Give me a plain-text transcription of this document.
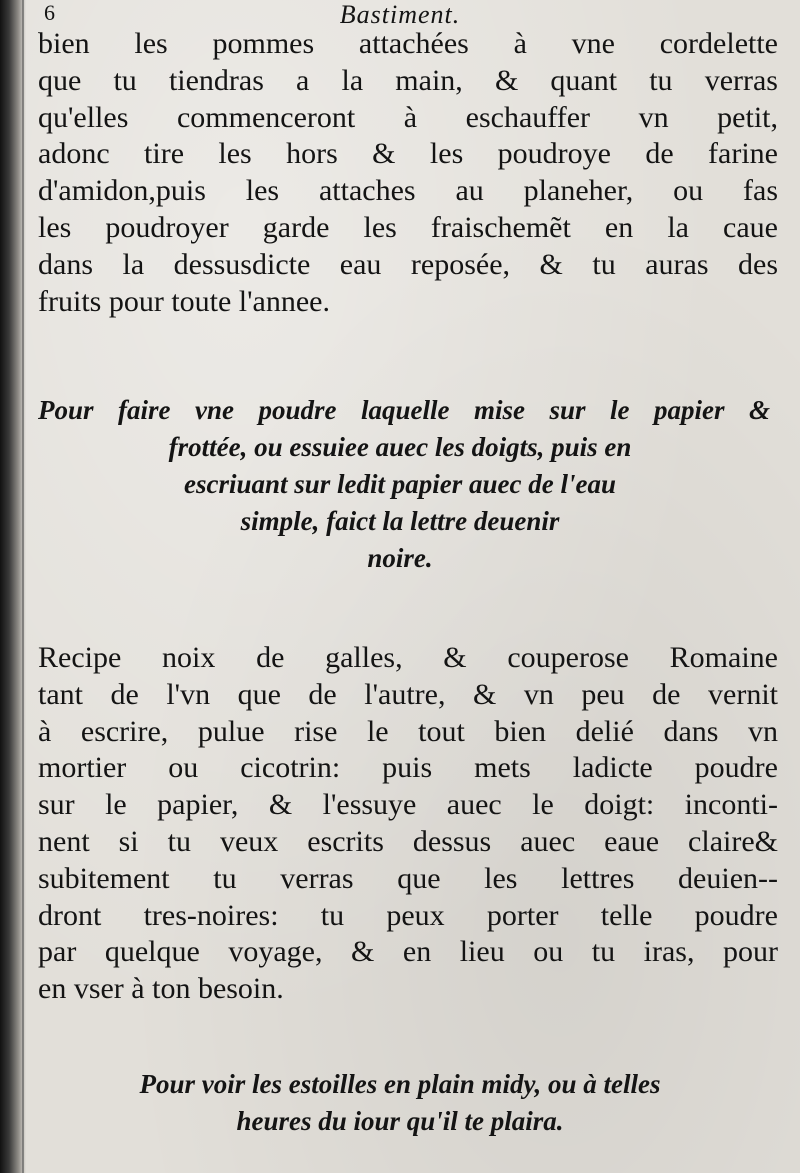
6	Bastiment.
bien les pommes attachées à vne cordelette
que tu tiendras a la main, & quant tu verras
qu'elles commenceront à eschauffer vn petit,
adonc tire les hors & les poudroye de farine
d'amidon,puis les attaches au planeher, ou fas
les poudroyer garde les fraischemẽt en la caue
dans la dessusdicte eau reposée, & tu auras des
fruits pour toute l'annee.
Pour faire vne poudre laquelle mise sur le papier &
frottée, ou essuiee auec les doigts, puis en
escriuant sur ledit papier auec de l'eau
simple, faict la lettre deuenir
noire.
Recipe noix de galles, & couperose Romaine
tant de l'vn que de l'autre, & vn peu de vernit
à escrire, pulue rise le tout bien delié dans vn
mortier ou cicotrin: puis mets ladicte poudre
sur le papier, & l'essuye auec le doigt: inconti-
nent si tu veux escrits dessus auec eaue claire&
subitement tu verras que les lettres deuien--
dront tres-noires: tu peux porter telle poudre
par quelque voyage, & en lieu ou tu iras, pour
en vser à ton besoin.
Pour voir les estoilles en plain midy, ou à telles
heures du iour qu'il te plaira.
